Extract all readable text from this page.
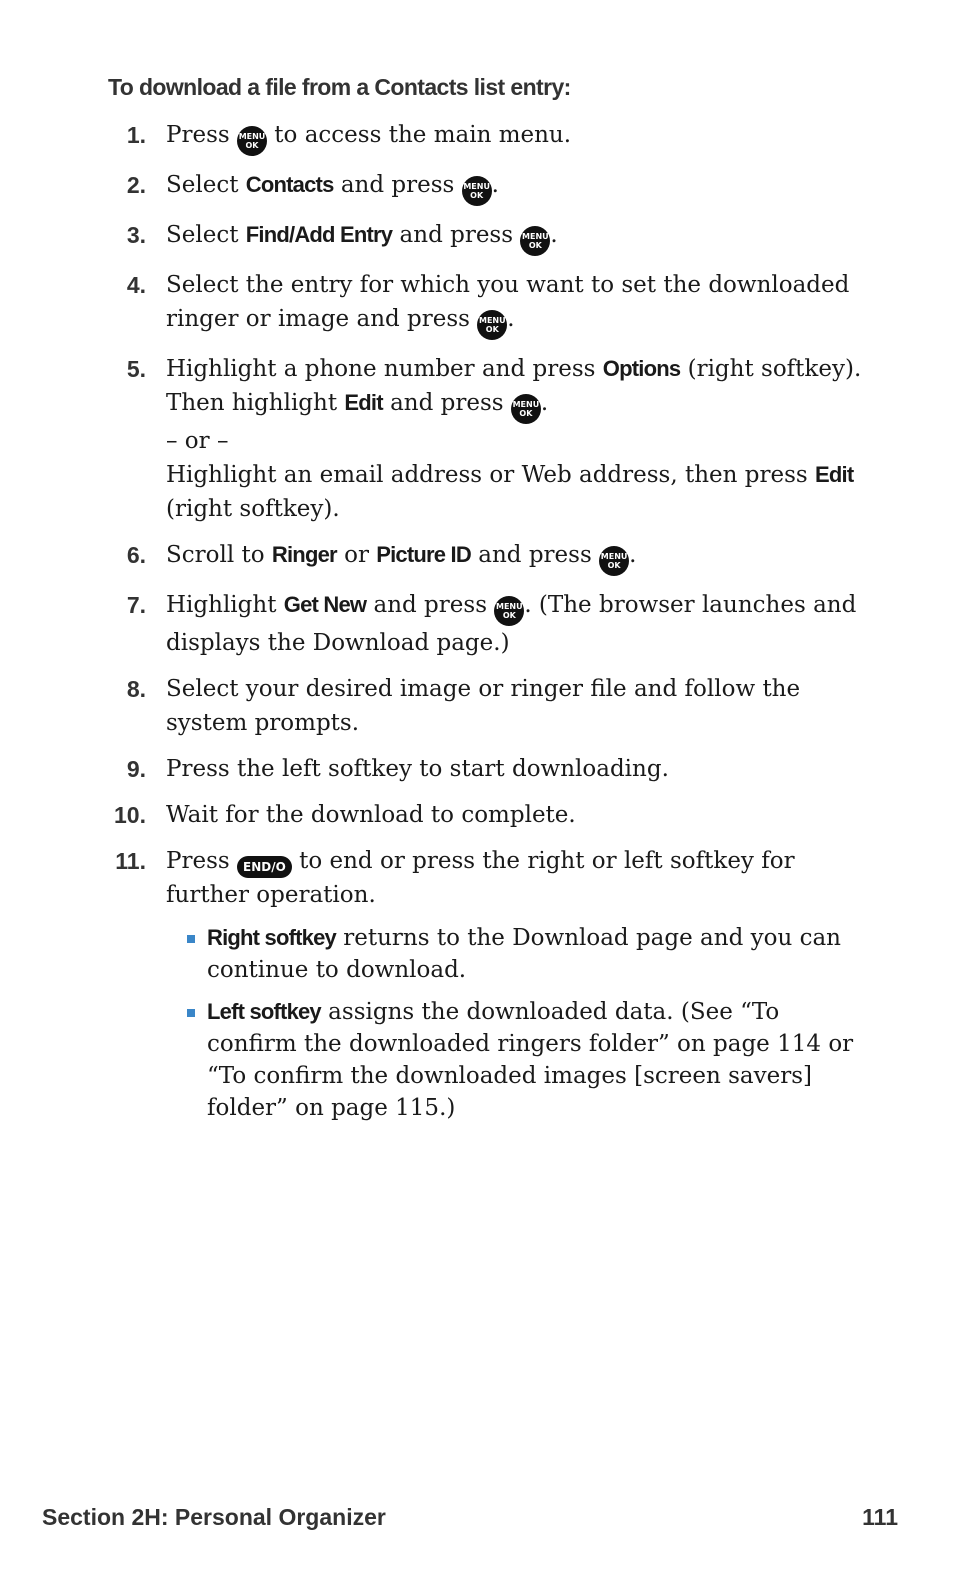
To download a file from a Contacts list entry:
1. Press MENU
OK to access the main menu.
2. Select Contacts and press MENU
OK .
3. Select Find/Add Entry and press MENU
OK .
4. Select the entry for which you want to set the downloaded ringer or image and press MENU
OK .
5. Highlight a phone number and press Options (right softkey). Then highlight Edit and press MENU
OK .
– or –
Highlight an email address or Web address, then press Edit (right softkey).
6. Scroll to Ringer or Picture ID and press MENU
OK .
7. Highlight Get New and press MENU
OK . (The browser launches and displays the Download page.)
8. Select your desired image or ringer file and follow the system prompts.
9. Press the left softkey to start downloading.
10. Wait for the download to complete.
11. Press END/O to end or press the right or left softkey for further operation.
Right softkey returns to the Download page and you can continue to download.
Left softkey assigns the downloaded data. (See “To confirm the downloaded ringers folder” on page 114 or “To confirm the downloaded images [screen savers] folder” on page 115.)
Section 2H: Personal Organizer	111
